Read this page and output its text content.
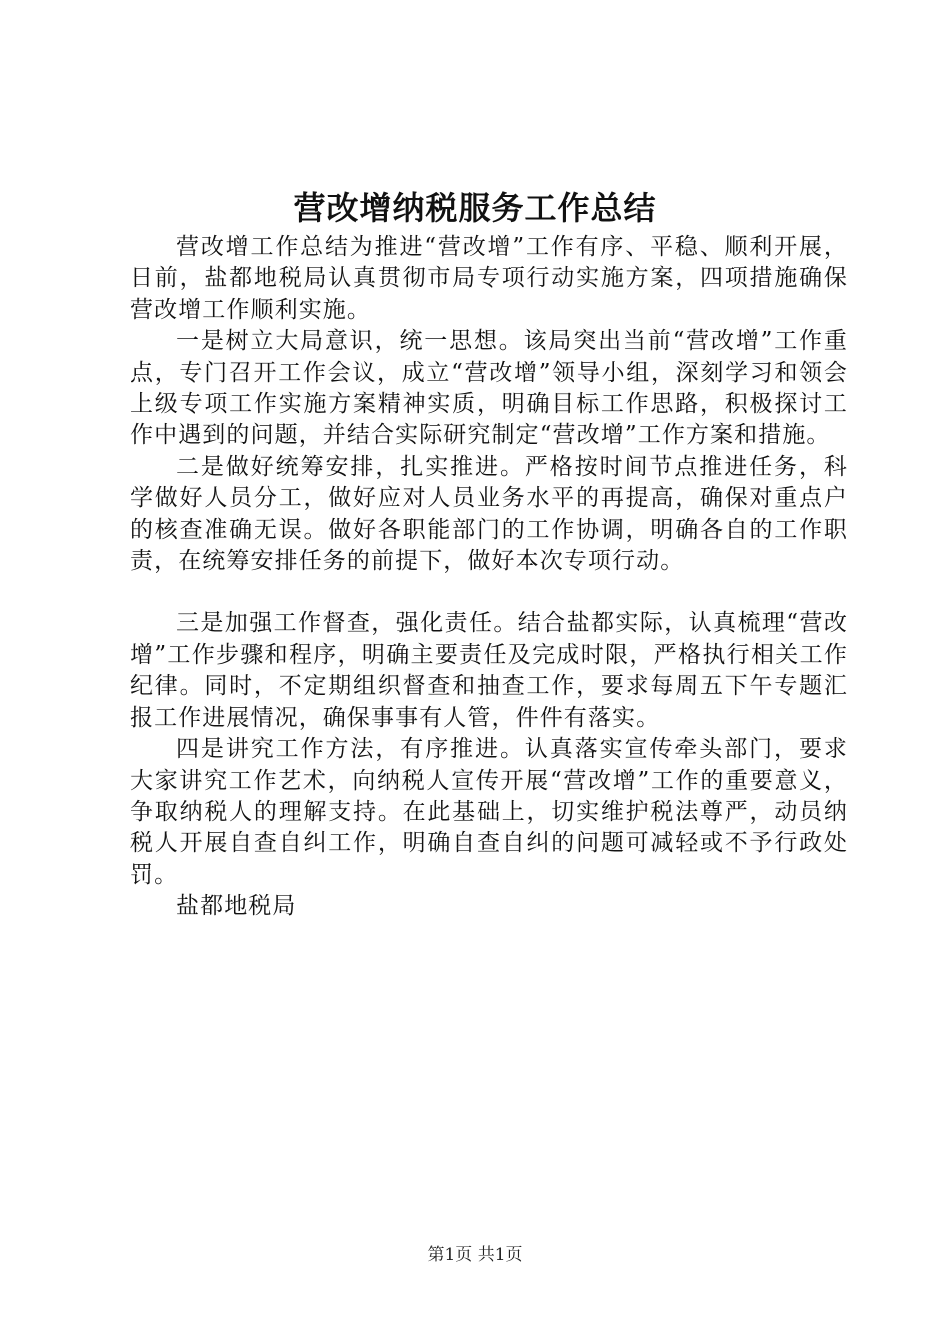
营改增纳税服务工作总结

营改增工作总结为推进“营改增”工作有序、平稳、顺利开展，日前，盐都地税局认真贯彻市局专项行动实施方案，四项措施确保营改增工作顺利实施。

一是树立大局意识，统一思想。该局突出当前“营改增”工作重点，专门召开工作会议，成立“营改增”领导小组，深刻学习和领会上级专项工作实施方案精神实质，明确目标工作思路，积极探讨工作中遇到的问题，并结合实际研究制定“营改增”工作方案和措施。

二是做好统筹安排，扎实推进。严格按时间节点推进任务，科学做好人员分工，做好应对人员业务水平的再提高，确保对重点户的核查准确无误。做好各职能部门的工作协调，明确各自的工作职责，在统筹安排任务的前提下，做好本次专项行动。

三是加强工作督查，强化责任。结合盐都实际，认真梳理“营改增”工作步骤和程序，明确主要责任及完成时限，严格执行相关工作纪律。同时，不定期组织督查和抽查工作，要求每周五下午专题汇报工作进展情况，确保事事有人管，件件有落实。

四是讲究工作方法，有序推进。认真落实宣传牵头部门，要求大家讲究工作艺术，向纳税人宣传开展“营改增”工作的重要意义，争取纳税人的理解支持。在此基础上，切实维护税法尊严，动员纳税人开展自查自纠工作，明确自查自纠的问题可减轻或不予行政处罚。

盐都地税局

第1页 共1页
